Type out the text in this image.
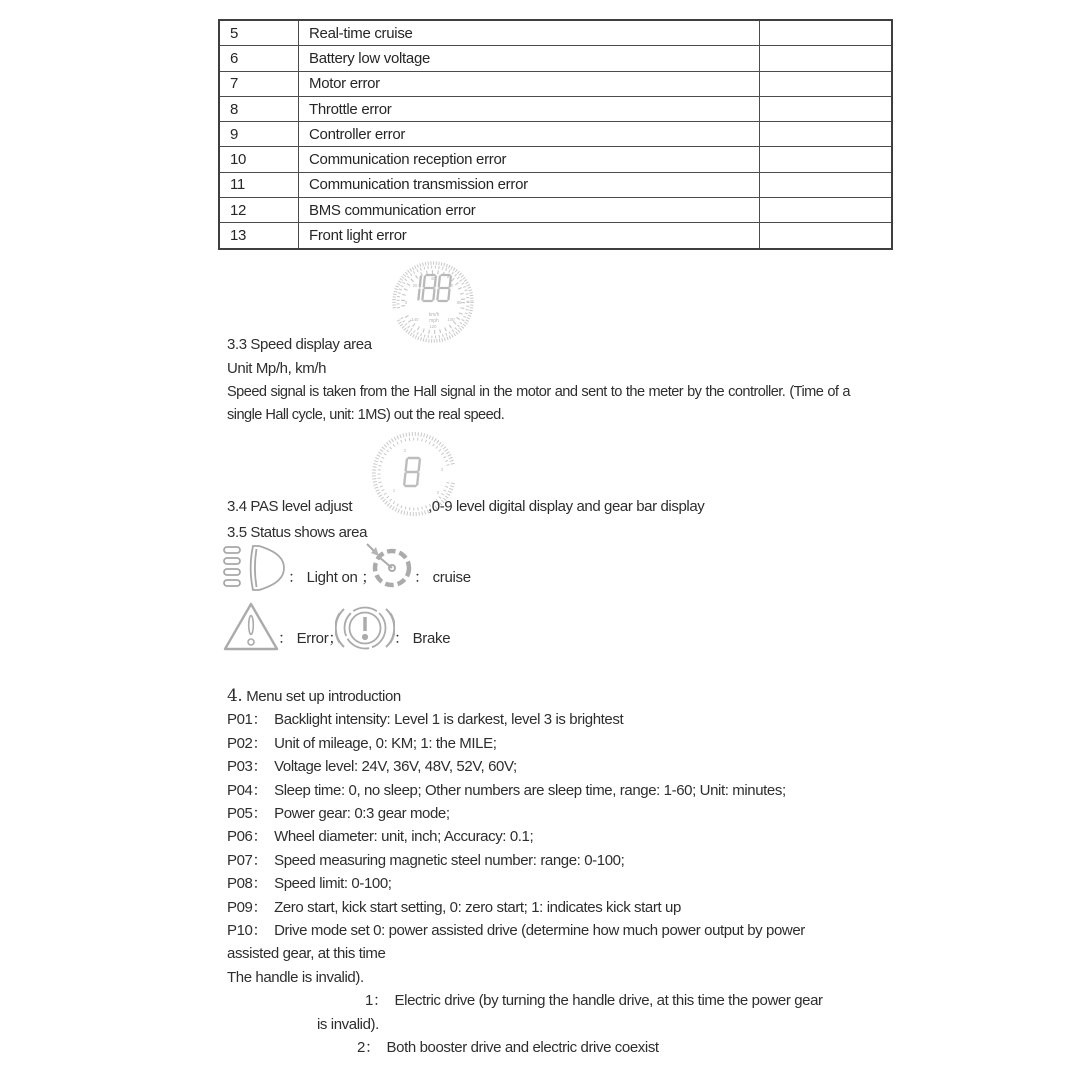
5	Real-time cruise	
6	Battery low voltage	
7	Motor error	
8	Throttle error	
9	Controller error	
10	Communication reception error	
11	Communication transmission error	
12	BMS communication error	
13	Front light error	
0
20
40
60
80
100
120
140
km/h
mph
3.3 Speed display area
Unit Mp/h, km/h
Speed signal is taken from the Hall signal in the motor and sent to the meter by the controller. (Time of a single Hall cycle, unit: 1MS) out the real speed.
2
3
0
1
3.4 PAS level adjust	,0-9 level digital display and gear bar display
3.5 Status shows area
： Light on ；	： cruise
： Error；	： Brake
4. Menu set up introduction
P01： Backlight intensity: Level 1 is darkest, level 3 is brightest
P02： Unit of mileage, 0: KM; 1: the MILE;
P03： Voltage level: 24V, 36V, 48V, 52V, 60V;
P04： Sleep time: 0, no sleep; Other numbers are sleep time, range: 1-60; Unit: minutes;
P05： Power gear: 0:3 gear mode;
P06： Wheel diameter: unit, inch; Accuracy: 0.1;
P07： Speed measuring magnetic steel number: range: 0-100;
P08： Speed limit: 0-100;
P09： Zero start, kick start setting, 0: zero start; 1: indicates kick start up
P10： Drive mode set 0: power assisted drive (determine how much power output by power
assisted gear, at this time
The handle is invalid).
1： Electric drive (by turning the handle drive, at this time the power gear
is invalid).
2： Both booster drive and electric drive coexist
